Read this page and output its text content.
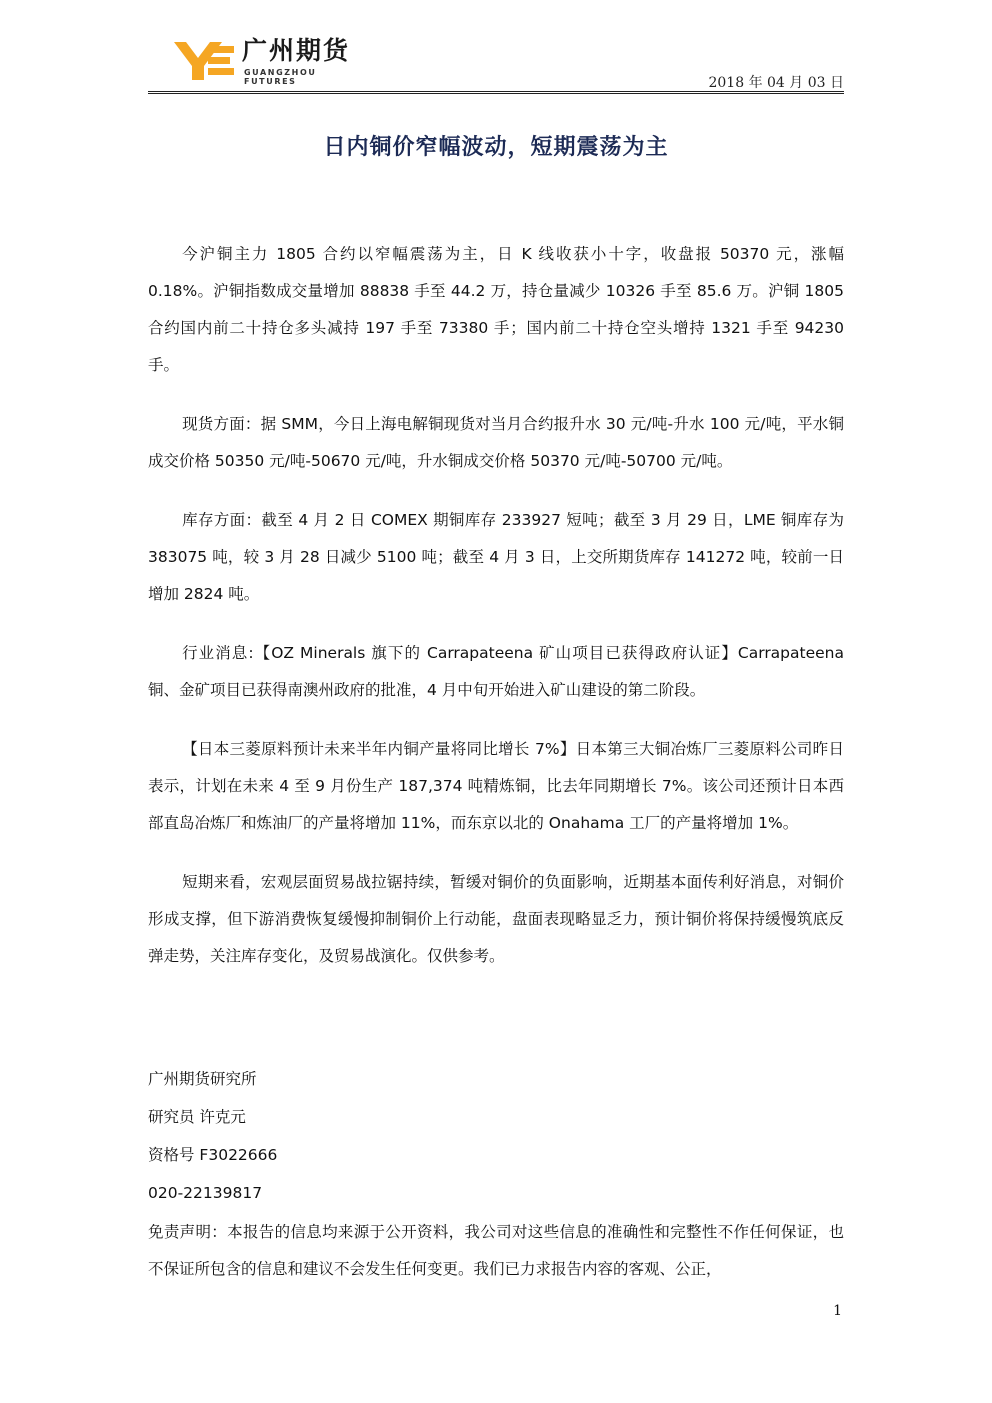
广州期货
GUANGZHOU FUTURES	2018 年 04 月 03 日
日内铜价窄幅波动，短期震荡为主

今沪铜主力 1805 合约以窄幅震荡为主，日 K 线收获小十字，收盘报 50370 元，涨幅 0.18%。沪铜指数成交量增加 88838 手至 44.2 万，持仓量减少 10326 手至 85.6 万。沪铜 1805 合约国内前二十持仓多头减持 197 手至 73380 手；国内前二十持仓空头增持 1321 手至 94230 手。

现货方面：据 SMM，今日上海电解铜现货对当月合约报升水 30 元/吨-升水 100 元/吨，平水铜成交价格 50350 元/吨-50670 元/吨，升水铜成交价格 50370 元/吨-50700 元/吨。

库存方面：截至 4 月 2 日 COMEX 期铜库存 233927 短吨；截至 3 月 29 日，LME 铜库存为 383075 吨，较 3 月 28 日减少 5100 吨；截至 4 月 3 日，上交所期货库存 141272 吨，较前一日增加 2824 吨。

行业消息:【OZ Minerals 旗下的 Carrapateena 矿山项目已获得政府认证】Carrapateena 铜、金矿项目已获得南澳州政府的批准，4 月中旬开始进入矿山建设的第二阶段。

【日本三菱原料预计未来半年内铜产量将同比增长 7%】日本第三大铜冶炼厂三菱原料公司昨日表示，计划在未来 4 至 9 月份生产 187,374 吨精炼铜，比去年同期增长 7%。该公司还预计日本西部直岛冶炼厂和炼油厂的产量将增加 11%，而东京以北的 Onahama 工厂的产量将增加 1%。

短期来看，宏观层面贸易战拉锯持续，暂缓对铜价的负面影响，近期基本面传利好消息，对铜价形成支撑，但下游消费恢复缓慢抑制铜价上行动能，盘面表现略显乏力，预计铜价将保持缓慢筑底反弹走势，关注库存变化，及贸易战演化。仅供参考。

广州期货研究所
研究员 许克元
资格号 F3022666
020-22139817
免责声明：本报告的信息均来源于公开资料，我公司对这些信息的准确性和完整性不作任何保证，也不保证所包含的信息和建议不会发生任何变更。我们已力求报告内容的客观、公正，
1
